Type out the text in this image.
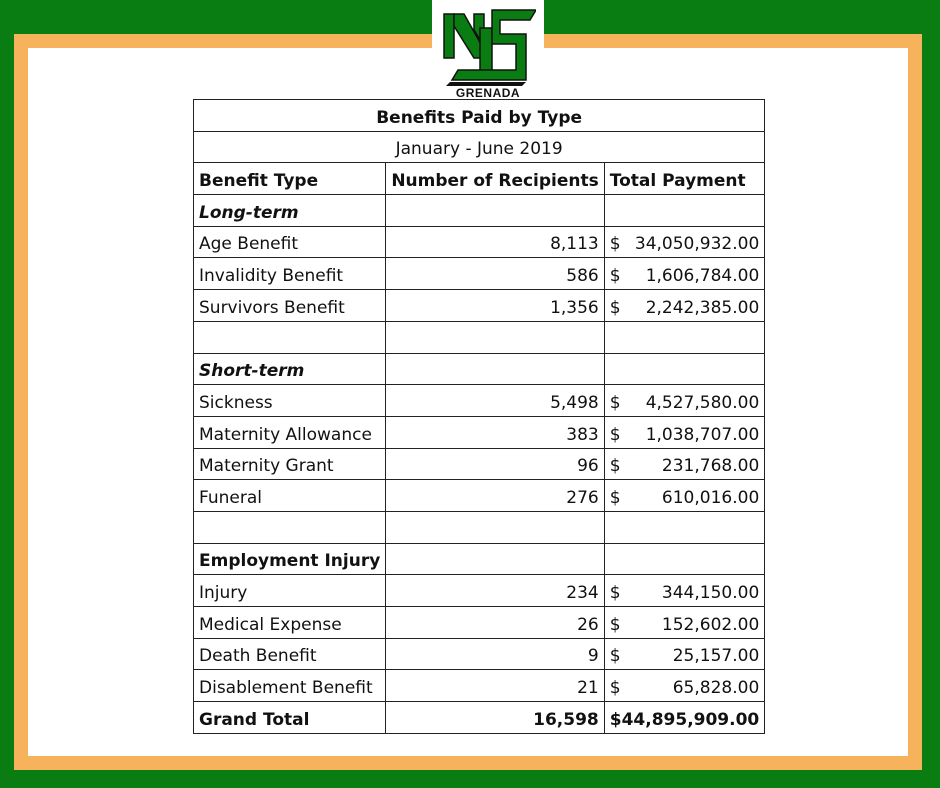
GRENADA
Benefits Paid by Type		
January - June 2019		
Benefit Type	Number of Recipients	Total Payment
Long-term		
Age Benefit	8,113	$ 34,050,932.00

Invalidity Benefit	586	$ 1,606,784.00

Survivors Benefit	1,356	$ 2,242,385.00

Short-term		
Sickness	5,498	$ 4,527,580.00

Maternity Allowance	383	$ 1,038,707.00

Maternity Grant	96	$ 231,768.00

Funeral	276	$ 610,016.00

Employment Injury		
Injury	234	$ 344,150.00

Medical Expense	26	$ 152,602.00

Death Benefit	9	$ 25,157.00

Disablement Benefit	21	$ 65,828.00

Grand Total	16,598	$ 44,895,909.00
